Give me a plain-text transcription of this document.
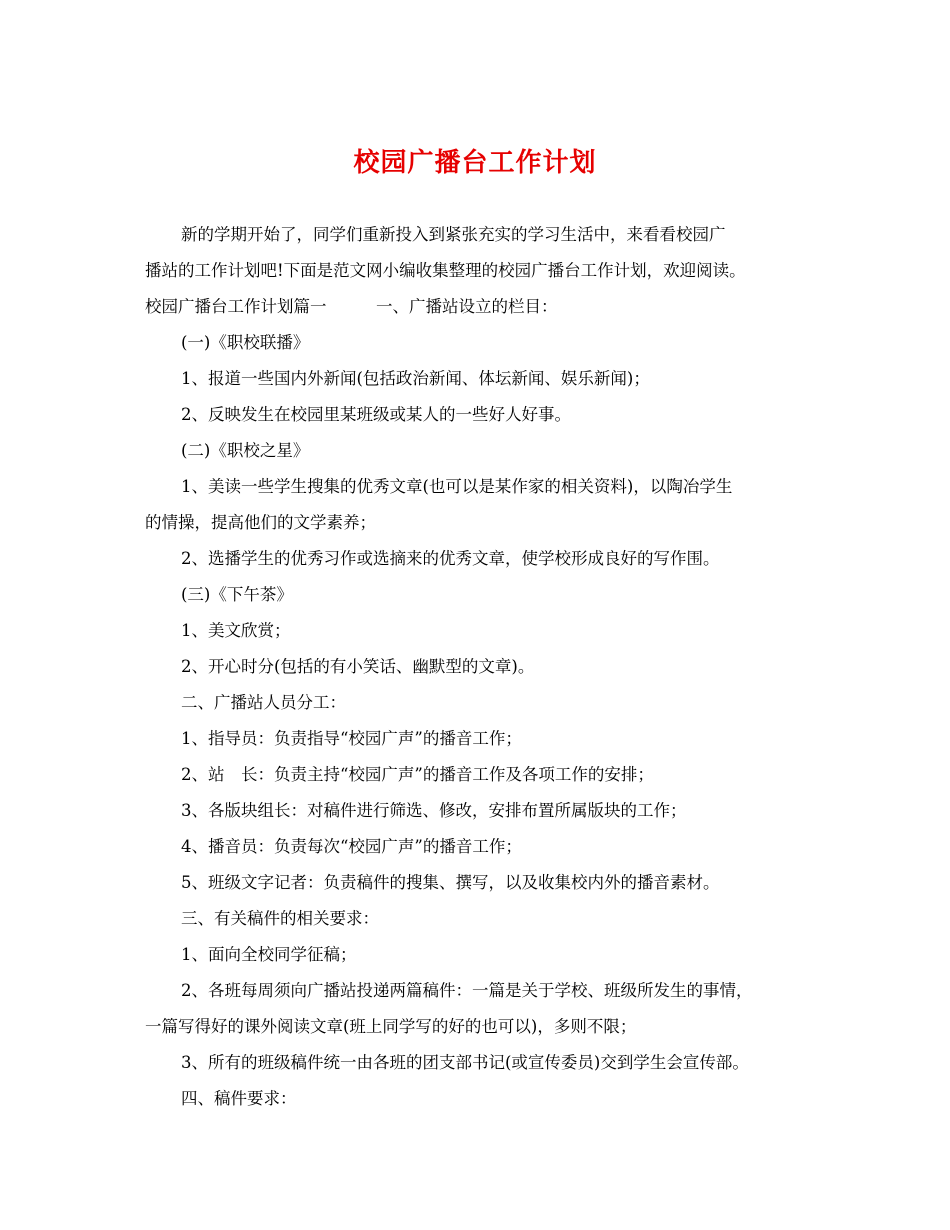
校园广播台工作计划
新的学期开始了，同学们重新投入到紧张充实的学习生活中，来看看校园广
播站的工作计划吧!下面是范文网小编收集整理的校园广播台工作计划，欢迎阅读。
校园广播台工作计划篇一　　　一、广播站设立的栏目：
(一)《职校联播》
1、报道一些国内外新闻(包括政治新闻、体坛新闻、娱乐新闻)；
2、反映发生在校园里某班级或某人的一些好人好事。
(二)《职校之星》
1、美读一些学生搜集的优秀文章(也可以是某作家的相关资料)，以陶冶学生
的情操，提高他们的文学素养；
2、选播学生的优秀习作或选摘来的优秀文章，使学校形成良好的写作围。
(三)《下午茶》
1、美文欣赏；
2、开心时分(包括的有小笑话、幽默型的文章)。
二、广播站人员分工：
1、指导员：负责指导“校园广声”的播音工作；
2、站　长：负责主持“校园广声”的播音工作及各项工作的安排；
3、各版块组长：对稿件进行筛选、修改，安排布置所属版块的工作；
4、播音员：负责每次“校园广声”的播音工作；
5、班级文字记者：负责稿件的搜集、撰写，以及收集校内外的播音素材。
三、有关稿件的相关要求：
1、面向全校同学征稿；
2、各班每周须向广播站投递两篇稿件：一篇是关于学校、班级所发生的事情，
一篇写得好的课外阅读文章(班上同学写的好的也可以)，多则不限；
3、所有的班级稿件统一由各班的团支部书记(或宣传委员)交到学生会宣传部。
四、稿件要求：
